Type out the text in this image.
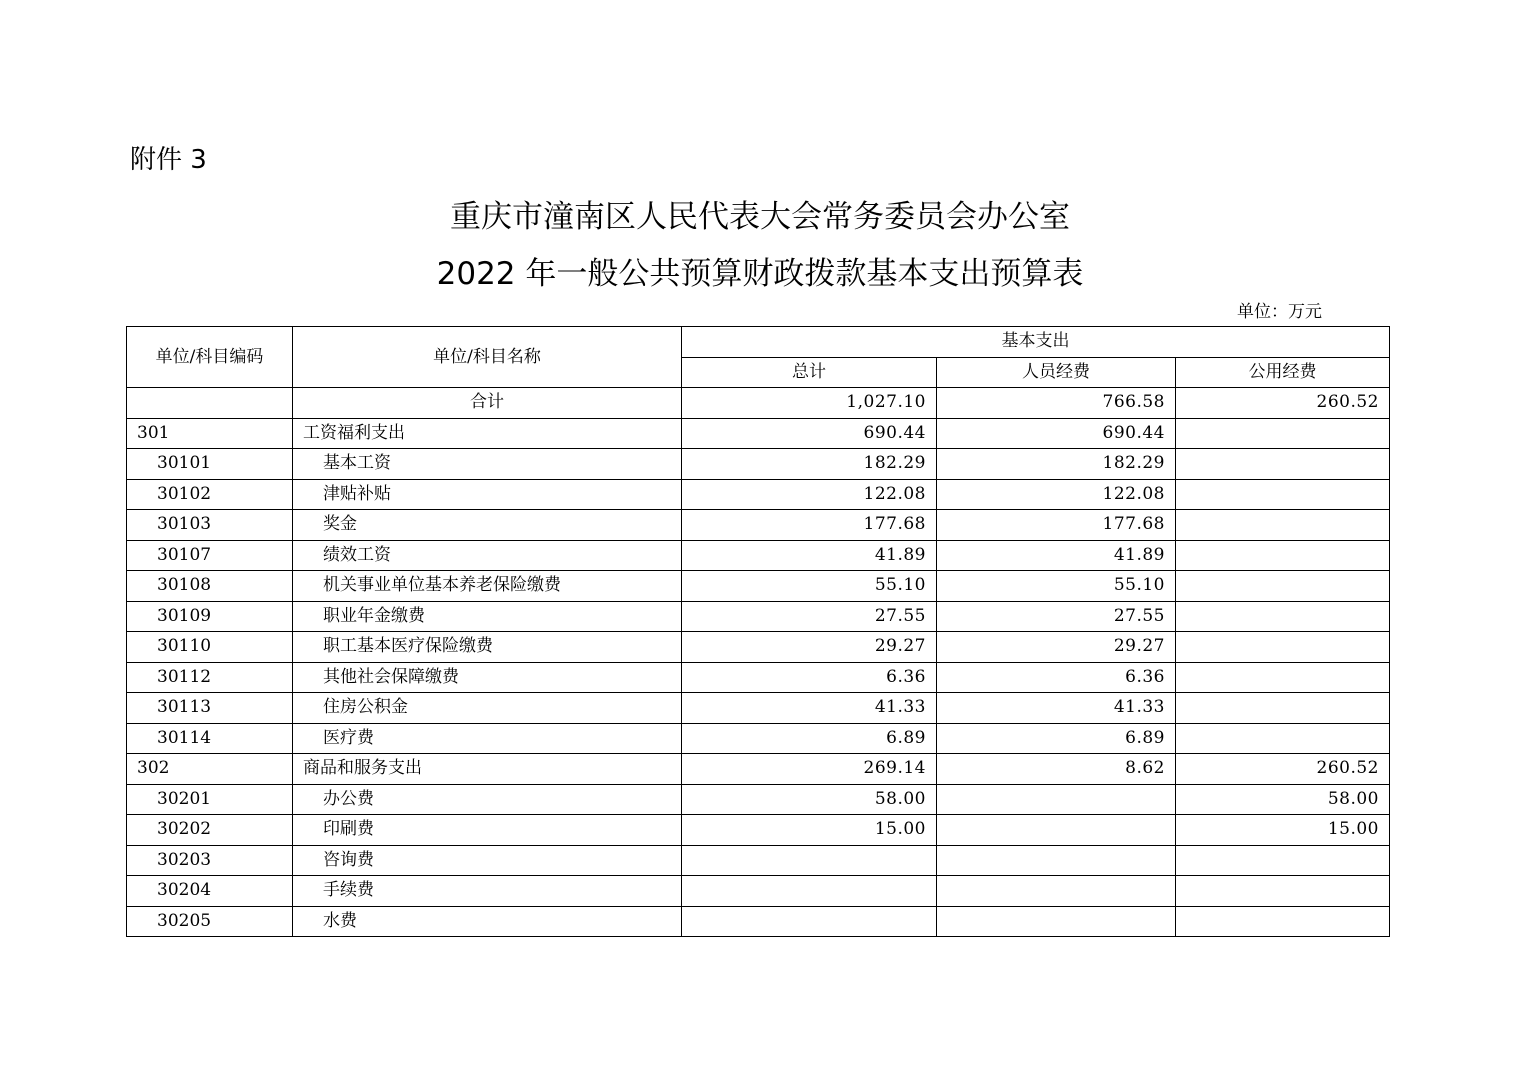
附件 3
重庆市潼南区人民代表大会常务委员会办公室
2022 年一般公共预算财政拨款基本支出预算表
单位：万元
单位/科目编码	单位/科目名称	基本支出		
		总计	人员经费	公用经费
	合计	1,027.10	766.58	260.52
301	工资福利支出	690.44	690.44	
30101	基本工资	182.29	182.29	
30102	津贴补贴	122.08	122.08	
30103	奖金	177.68	177.68	
30107	绩效工资	41.89	41.89	
30108	机关事业单位基本养老保险缴费	55.10	55.10	
30109	职业年金缴费	27.55	27.55	
30110	职工基本医疗保险缴费	29.27	29.27	
30112	其他社会保障缴费	6.36	6.36	
30113	住房公积金	41.33	41.33	
30114	医疗费	6.89	6.89	
302	商品和服务支出	269.14	8.62	260.52
30201	办公费	58.00		58.00
30202	印刷费	15.00		15.00
30203	咨询费			
30204	手续费			
30205	水费			
